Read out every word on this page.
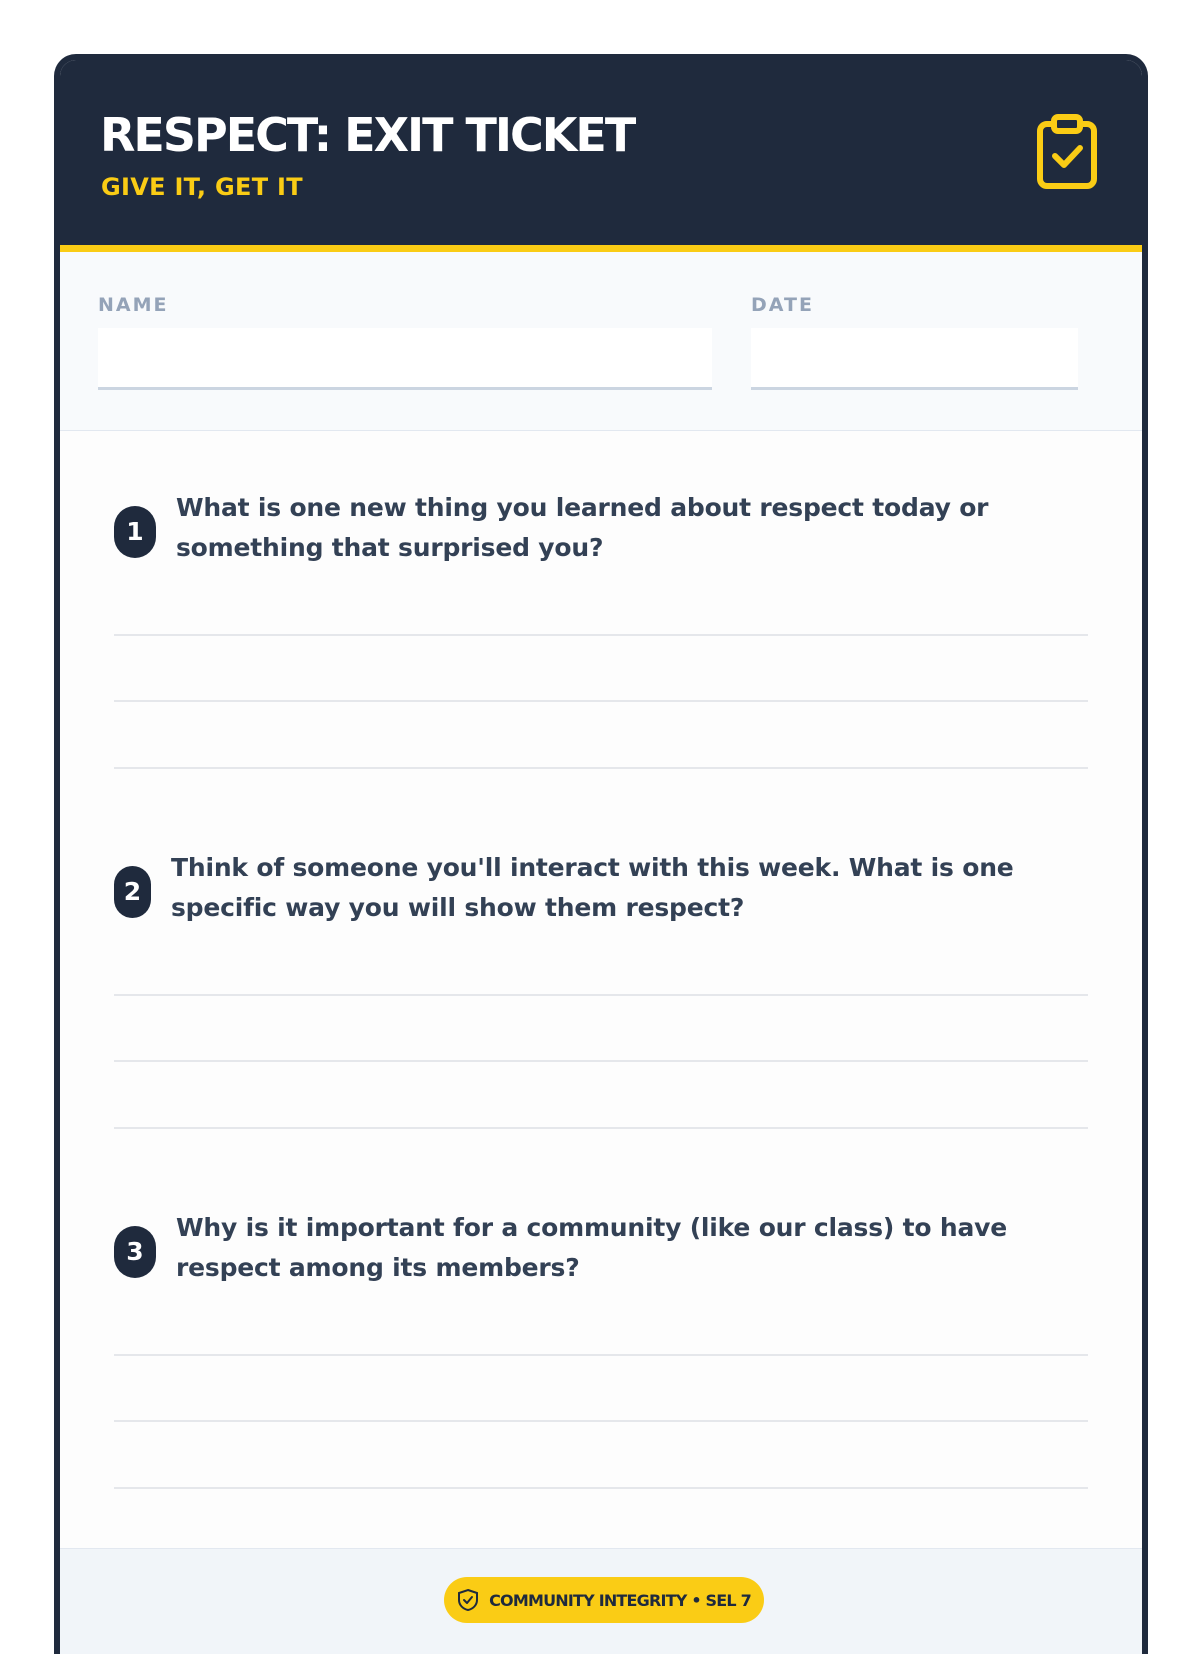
RESPECT: EXIT TICKET
GIVE IT, GET IT
NAME	DATE
1
What is one new thing you learned about respect today or something that surprised you?
2
Think of someone you'll interact with this week. What is one specific way you will show them respect?
3
Why is it important for a community (like our class) to have respect among its members?
COMMUNITY INTEGRITY • SEL 7
